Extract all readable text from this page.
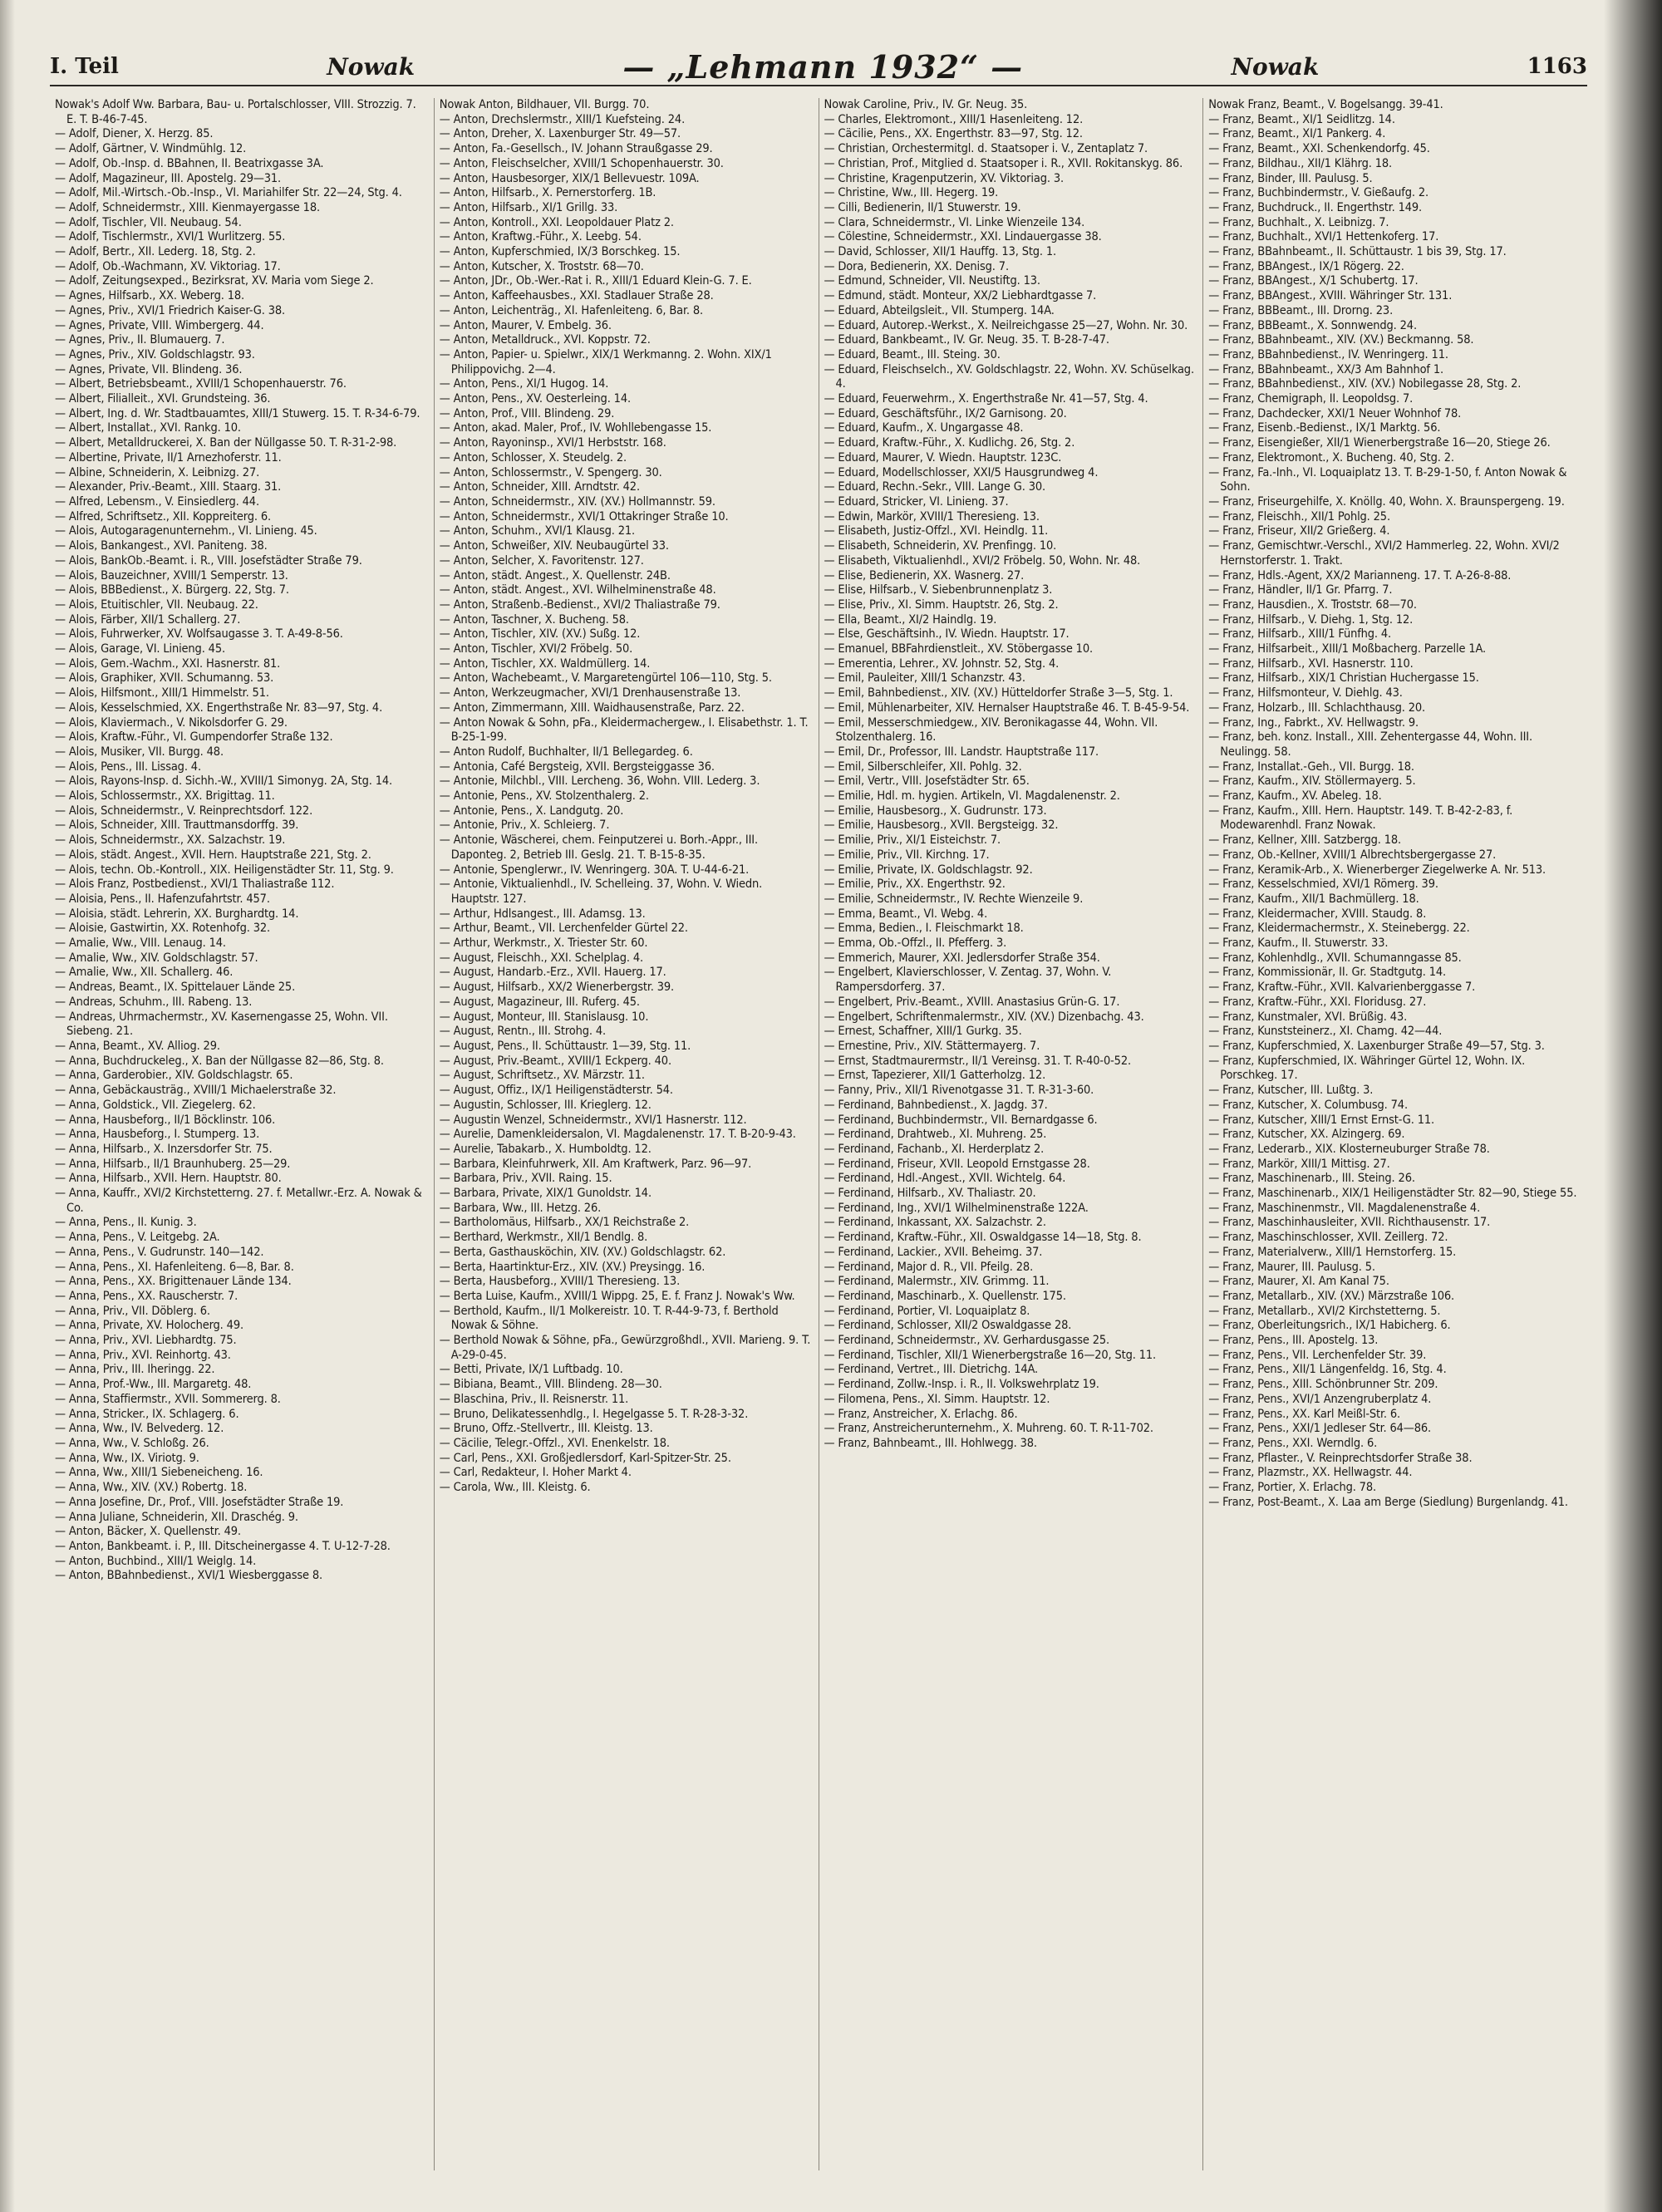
I. Teil	Nowak	— „Lehmann 1932“ —	Nowak	1163

Nowak's Adolf Ww. Barbara, Bau- u. Portalschlosser, VIII. Strozzig. 7. E. T. B-46-7-45.

— Adolf, Diener, X. Herzg. 85.

— Adolf, Gärtner, V. Windmühlg. 12.

— Adolf, Ob.-Insp. d. BBahnen, II. Beatrixgasse 3A.

— Adolf, Magazineur, III. Apostelg. 29—31.

— Adolf, Mil.-Wirtsch.-Ob.-Insp., VI. Mariahilfer Str. 22—24, Stg. 4.

— Adolf, Schneidermstr., XIII. Kienmayergasse 18.

— Adolf, Tischler, VII. Neubaug. 54.

— Adolf, Tischlermstr., XVI/1 Wurlitzerg. 55.

— Adolf, Bertr., XII. Lederg. 18, Stg. 2.

— Adolf, Ob.-Wachmann, XV. Viktoriag. 17.

— Adolf, Zeitungsexped., Bezirksrat, XV. Maria vom Siege 2.

— Agnes, Hilfsarb., XX. Weberg. 18.

— Agnes, Priv., XVI/1 Friedrich Kaiser-G. 38.

— Agnes, Private, VIII. Wimbergerg. 44.

— Agnes, Priv., II. Blumauerg. 7.

— Agnes, Priv., XIV. Goldschlagstr. 93.

— Agnes, Private, VII. Blindeng. 36.

— Albert, Betriebsbeamt., XVIII/1 Schopenhauerstr. 76.

— Albert, Filialleit., XVI. Grundsteing. 36.

— Albert, Ing. d. Wr. Stadtbauamtes, XIII/1 Stuwerg. 15. T. R-34-6-79.

— Albert, Installat., XVI. Rankg. 10.

— Albert, Metalldruckerei, X. Ban der Nüllgasse 50. T. R-31-2-98.

— Albertine, Private, II/1 Arnezhoferstr. 11.

— Albine, Schneiderin, X. Leibnizg. 27.

— Alexander, Priv.-Beamt., XIII. Staarg. 31.

— Alfred, Lebensm., V. Einsiedlerg. 44.

— Alfred, Schriftsetz., XII. Koppreiterg. 6.

— Alois, Autogaragenunternehm., VI. Linieng. 45.

— Alois, Bankangest., XVI. Paniteng. 38.

— Alois, BankOb.-Beamt. i. R., VIII. Josefstädter Straße 79.

— Alois, Bauzeichner, XVIII/1 Semperstr. 13.

— Alois, BBBedienst., X. Bürgerg. 22, Stg. 7.

— Alois, Etuitischler, VII. Neubaug. 22.

— Alois, Färber, XII/1 Schallerg. 27.

— Alois, Fuhrwerker, XV. Wolfsaugasse 3. T. A-49-8-56.

— Alois, Garage, VI. Linieng. 45.

— Alois, Gem.-Wachm., XXI. Hasnerstr. 81.

— Alois, Graphiker, XVII. Schumanng. 53.

— Alois, Hilfsmont., XIII/1 Himmelstr. 51.

— Alois, Kesselschmied, XX. Engerthstraße Nr. 83—97, Stg. 4.

— Alois, Klaviermach., V. Nikolsdorfer G. 29.

— Alois, Kraftw.-Führ., VI. Gumpendorfer Straße 132.

— Alois, Musiker, VII. Burgg. 48.

— Alois, Pens., III. Lissag. 4.

— Alois, Rayons-Insp. d. Sichh.-W., XVIII/1 Simonyg. 2A, Stg. 14.

— Alois, Schlossermstr., XX. Brigittag. 11.

— Alois, Schneidermstr., V. Reinprechtsdorf. 122.

— Alois, Schneider, XIII. Trauttmansdorffg. 39.

— Alois, Schneidermstr., XX. Salzachstr. 19.

— Alois, städt. Angest., XVII. Hern. Hauptstraße 221, Stg. 2.

— Alois, techn. Ob.-Kontroll., XIX. Heiligenstädter Str. 11, Stg. 9.

— Alois Franz, Postbedienst., XVI/1 Thaliastraße 112.

— Aloisia, Pens., II. Hafenzufahrtstr. 457.

— Aloisia, städt. Lehrerin, XX. Burghardtg. 14.

— Aloisie, Gastwirtin, XX. Rotenhofg. 32.

— Amalie, Ww., VIII. Lenaug. 14.

— Amalie, Ww., XIV. Goldschlagstr. 57.

— Amalie, Ww., XII. Schallerg. 46.

— Andreas, Beamt., IX. Spittelauer Lände 25.

— Andreas, Schuhm., III. Rabeng. 13.

— Andreas, Uhrmachermstr., XV. Kasernengasse 25, Wohn. VII. Siebeng. 21.

— Anna, Beamt., XV. Alliog. 29.

— Anna, Buchdruckeleg., X. Ban der Nüllgasse 82—86, Stg. 8.

— Anna, Garderobier., XIV. Goldschlagstr. 65.

— Anna, Gebäckausträg., XVIII/1 Michaelerstraße 32.

— Anna, Goldstick., VII. Ziegelerg. 62.

— Anna, Hausbeforg., II/1 Böcklinstr. 106.

— Anna, Hausbeforg., I. Stumperg. 13.

— Anna, Hilfsarb., X. Inzersdorfer Str. 75.

— Anna, Hilfsarb., II/1 Braunhuberg. 25—29.

— Anna, Hilfsarb., XVII. Hern. Hauptstr. 80.

— Anna, Kauffr., XVI/2 Kirchstetterng. 27. f. Metallwr.-Erz. A. Nowak & Co.

— Anna, Pens., II. Kunig. 3.

— Anna, Pens., V. Leitgebg. 2A.

— Anna, Pens., V. Gudrunstr. 140—142.

— Anna, Pens., XI. Hafenleiteng. 6—8, Bar. 8.

— Anna, Pens., XX. Brigittenauer Lände 134.

— Anna, Pens., XX. Rauscherstr. 7.

— Anna, Priv., VII. Döblerg. 6.

— Anna, Private, XV. Holocherg. 49.

— Anna, Priv., XVI. Liebhardtg. 75.

— Anna, Priv., XVI. Reinhortg. 43.

— Anna, Priv., III. Iheringg. 22.

— Anna, Prof.-Ww., III. Margaretg. 48.

— Anna, Staffiermstr., XVII. Sommererg. 8.

— Anna, Stricker., IX. Schlagerg. 6.

— Anna, Ww., IV. Belvederg. 12.

— Anna, Ww., V. Schloßg. 26.

— Anna, Ww., IX. Viriotg. 9.

— Anna, Ww., XIII/1 Siebeneicheng. 16.

— Anna, Ww., XIV. (XV.) Robertg. 18.

— Anna Josefine, Dr., Prof., VIII. Josefstädter Straße 19.

— Anna Juliane, Schneiderin, XII. Draschég. 9.

— Anton, Bäcker, X. Quellenstr. 49.

— Anton, Bankbeamt. i. P., III. Ditscheinergasse 4. T. U-12-7-28.

— Anton, Buchbind., XIII/1 Weiglg. 14.

— Anton, BBahnbedienst., XVI/1 Wiesberggasse 8.

Nowak Anton, Bildhauer, VII. Burgg. 70.

— Anton, Drechslermstr., XIII/1 Kuefsteing. 24.

— Anton, Dreher, X. Laxenburger Str. 49—57.

— Anton, Fa.-Gesellsch., IV. Johann Straußgasse 29.

— Anton, Fleischselcher, XVIII/1 Schopenhauerstr. 30.

— Anton, Hausbesorger, XIX/1 Bellevuestr. 109A.

— Anton, Hilfsarb., X. Pernerstorferg. 1B.

— Anton, Hilfsarb., XI/1 Grillg. 33.

— Anton, Kontroll., XXI. Leopoldauer Platz 2.

— Anton, Kraftwg.-Führ., X. Leebg. 54.

— Anton, Kupferschmied, IX/3 Borschkeg. 15.

— Anton, Kutscher, X. Troststr. 68—70.

— Anton, JDr., Ob.-Wer.-Rat i. R., XIII/1 Eduard Klein-G. 7. E.

— Anton, Kaffeehausbes., XXI. Stadlauer Straße 28.

— Anton, Leichenträg., XI. Hafenleiteng. 6, Bar. 8.

— Anton, Maurer, V. Embelg. 36.

— Anton, Metalldruck., XVI. Koppstr. 72.

— Anton, Papier- u. Spielwr., XIX/1 Werkmanng. 2. Wohn. XIX/1 Philippovichg. 2—4.

— Anton, Pens., XI/1 Hugog. 14.

— Anton, Pens., XV. Oesterleing. 14.

— Anton, Prof., VIII. Blindeng. 29.

— Anton, akad. Maler, Prof., IV. Wohllebengasse 15.

— Anton, Rayoninsp., XVI/1 Herbststr. 168.

— Anton, Schlosser, X. Steudelg. 2.

— Anton, Schlossermstr., V. Spengerg. 30.

— Anton, Schneider, XIII. Arndtstr. 42.

— Anton, Schneidermstr., XIV. (XV.) Hollmannstr. 59.

— Anton, Schneidermstr., XVI/1 Ottakringer Straße 10.

— Anton, Schuhm., XVI/1 Klausg. 21.

— Anton, Schweißer, XIV. Neubaugürtel 33.

— Anton, Selcher, X. Favoritenstr. 127.

— Anton, städt. Angest., X. Quellenstr. 24B.

— Anton, städt. Angest., XVI. Wilhelminenstraße 48.

— Anton, Straßenb.-Bedienst., XVI/2 Thaliastraße 79.

— Anton, Taschner, X. Bucheng. 58.

— Anton, Tischler, XIV. (XV.) Sußg. 12.

— Anton, Tischler, XVI/2 Fröbelg. 50.

— Anton, Tischler, XX. Waldmüllerg. 14.

— Anton, Wachebeamt., V. Margaretengürtel 106—110, Stg. 5.

— Anton, Werkzeugmacher, XVI/1 Drenhausenstraße 13.

— Anton, Zimmermann, XIII. Waidhausenstraße, Parz. 22.

— Anton Nowak & Sohn, pFa., Kleidermachergew., I. Elisabethstr. 1. T. B-25-1-99.

— Anton Rudolf, Buchhalter, II/1 Bellegardeg. 6.

— Antonia, Café Bergsteig, XVII. Bergsteiggasse 36.

— Antonie, Milchbl., VIII. Lercheng. 36, Wohn. VIII. Lederg. 3.

— Antonie, Pens., XV. Stolzenthalerg. 2.

— Antonie, Pens., X. Landgutg. 20.

— Antonie, Priv., X. Schleierg. 7.

— Antonie, Wäscherei, chem. Feinputzerei u. Borh.-Appr., III. Daponteg. 2, Betrieb III. Geslg. 21. T. B-15-8-35.

— Antonie, Spenglerwr., IV. Wenringerg. 30A. T. U-44-6-21.

— Antonie, Viktualienhdl., IV. Schelleing. 37, Wohn. V. Wiedn. Hauptstr. 127.

— Arthur, Hdlsangest., III. Adamsg. 13.

— Arthur, Beamt., VII. Lerchenfelder Gürtel 22.

— Arthur, Werkmstr., X. Triester Str. 60.

— August, Fleischh., XXI. Schelplag. 4.

— August, Handarb.-Erz., XVII. Hauerg. 17.

— August, Hilfsarb., XX/2 Wienerbergstr. 39.

— August, Magazineur, III. Ruferg. 45.

— August, Monteur, III. Stanislausg. 10.

— August, Rentn., III. Strohg. 4.

— August, Pens., II. Schüttaustr. 1—39, Stg. 11.

— August, Priv.-Beamt., XVIII/1 Eckperg. 40.

— August, Schriftsetz., XV. Märzstr. 11.

— August, Offiz., IX/1 Heiligenstädterstr. 54.

— Augustin, Schlosser, III. Krieglerg. 12.

— Augustin Wenzel, Schneidermstr., XVI/1 Hasnerstr. 112.

— Aurelie, Damenkleidersalon, VI. Magdalenenstr. 17. T. B-20-9-43.

— Aurelie, Tabakarb., X. Humboldtg. 12.

— Barbara, Kleinfuhrwerk, XII. Am Kraftwerk, Parz. 96—97.

— Barbara, Priv., XVII. Raing. 15.

— Barbara, Private, XIX/1 Gunoldstr. 14.

— Barbara, Ww., III. Hetzg. 26.

— Bartholomäus, Hilfsarb., XX/1 Reichstraße 2.

— Berthard, Werkmstr., XII/1 Bendlg. 8.

— Berta, Gasthausköchin, XIV. (XV.) Goldschlagstr. 62.

— Berta, Haartinktur-Erz., XIV. (XV.) Preysingg. 16.

— Berta, Hausbeforg., XVIII/1 Theresieng. 13.

— Berta Luise, Kaufm., XVIII/1 Wippg. 25, E. f. Franz J. Nowak's Ww.

— Berthold, Kaufm., II/1 Molkereistr. 10. T. R-44-9-73, f. Berthold Nowak & Söhne.

— Berthold Nowak & Söhne, pFa., Gewürzgroßhdl., XVII. Marieng. 9. T. A-29-0-45.

— Betti, Private, IX/1 Luftbadg. 10.

— Bibiana, Beamt., VIII. Blindeng. 28—30.

— Blaschina, Priv., II. Reisnerstr. 11.

— Bruno, Delikatessenhdlg., I. Hegelgasse 5. T. R-28-3-32.

— Bruno, Offz.-Stellvertr., III. Kleistg. 13.

— Cäcilie, Telegr.-Offzl., XVI. Enenkelstr. 18.

— Carl, Pens., XXI. Großjedlersdorf, Karl-Spitzer-Str. 25.

— Carl, Redakteur, I. Hoher Markt 4.

— Carola, Ww., III. Kleistg. 6.

Nowak Caroline, Priv., IV. Gr. Neug. 35.

— Charles, Elektromont., XIII/1 Hasenleiteng. 12.

— Cäcilie, Pens., XX. Engerthstr. 83—97, Stg. 12.

— Christian, Orchestermitgl. d. Staatsoper i. V., Zentaplatz 7.

— Christian, Prof., Mitglied d. Staatsoper i. R., XVII. Rokitanskyg. 86.

— Christine, Kragenputzerin, XV. Viktoriag. 3.

— Christine, Ww., III. Hegerg. 19.

— Cilli, Bedienerin, II/1 Stuwerstr. 19.

— Clara, Schneidermstr., VI. Linke Wienzeile 134.

— Cölestine, Schneidermstr., XXI. Lindauergasse 38.

— David, Schlosser, XII/1 Hauffg. 13, Stg. 1.

— Dora, Bedienerin, XX. Denisg. 7.

— Edmund, Schneider, VII. Neustiftg. 13.

— Edmund, städt. Monteur, XX/2 Liebhardtgasse 7.

— Eduard, Abteilgsleit., VII. Stumperg. 14A.

— Eduard, Autorep.-Werkst., X. Neilreichgasse 25—27, Wohn. Nr. 30.

— Eduard, Bankbeamt., IV. Gr. Neug. 35. T. B-28-7-47.

— Eduard, Beamt., III. Steing. 30.

— Eduard, Fleischselch., XV. Goldschlagstr. 22, Wohn. XV. Schüselkag. 4.

— Eduard, Feuerwehrm., X. Engerthstraße Nr. 41—57, Stg. 4.

— Eduard, Geschäftsführ., IX/2 Garnisong. 20.

— Eduard, Kaufm., X. Ungargasse 48.

— Eduard, Kraftw.-Führ., X. Kudlichg. 26, Stg. 2.

— Eduard, Maurer, V. Wiedn. Hauptstr. 123C.

— Eduard, Modellschlosser, XXI/5 Hausgrundweg 4.

— Eduard, Rechn.-Sekr., VIII. Lange G. 30.

— Eduard, Stricker, VI. Linieng. 37.

— Edwin, Markör, XVIII/1 Theresieng. 13.

— Elisabeth, Justiz-Offzl., XVI. Heindlg. 11.

— Elisabeth, Schneiderin, XV. Prenfingg. 10.

— Elisabeth, Viktualienhdl., XVI/2 Fröbelg. 50, Wohn. Nr. 48.

— Elise, Bedienerin, XX. Wasnerg. 27.

— Elise, Hilfsarb., V. Siebenbrunnenplatz 3.

— Elise, Priv., XI. Simm. Hauptstr. 26, Stg. 2.

— Ella, Beamt., XI/2 Haindlg. 19.

— Else, Geschäftsinh., IV. Wiedn. Hauptstr. 17.

— Emanuel, BBFahrdienstleit., XV. Stöbergasse 10.

— Emerentia, Lehrer., XV. Johnstr. 52, Stg. 4.

— Emil, Pauleiter, XIII/1 Schanzstr. 43.

— Emil, Bahnbedienst., XIV. (XV.) Hütteldorfer Straße 3—5, Stg. 1.

— Emil, Mühlenarbeiter, XIV. Hernalser Hauptstraße 46. T. B-45-9-54.

— Emil, Messerschmiedgew., XIV. Beronikagasse 44, Wohn. VII. Stolzenthalerg. 16.

— Emil, Dr., Professor, III. Landstr. Hauptstraße 117.

— Emil, Silberschleifer, XII. Pohlg. 32.

— Emil, Vertr., VIII. Josefstädter Str. 65.

— Emilie, Hdl. m. hygien. Artikeln, VI. Magdalenenstr. 2.

— Emilie, Hausbesorg., X. Gudrunstr. 173.

— Emilie, Hausbesorg., XVII. Bergsteigg. 32.

— Emilie, Priv., XI/1 Eisteichstr. 7.

— Emilie, Priv., VII. Kirchng. 17.

— Emilie, Private, IX. Goldschlagstr. 92.

— Emilie, Priv., XX. Engerthstr. 92.

— Emilie, Schneidermstr., IV. Rechte Wienzeile 9.

— Emma, Beamt., VI. Webg. 4.

— Emma, Bedien., I. Fleischmarkt 18.

— Emma, Ob.-Offzl., II. Pfefferg. 3.

— Emmerich, Maurer, XXI. Jedlersdorfer Straße 354.

— Engelbert, Klavierschlosser, V. Zentag. 37, Wohn. V. Rampersdorferg. 37.

— Engelbert, Priv.-Beamt., XVIII. Anastasius Grün-G. 17.

— Engelbert, Schriftenmalermstr., XIV. (XV.) Dizenbachg. 43.

— Ernest, Schaffner, XIII/1 Gurkg. 35.

— Ernestine, Priv., XIV. Stättermayerg. 7.

— Ernst, Stadtmaurermstr., II/1 Vereinsg. 31. T. R-40-0-52.

— Ernst, Tapezierer, XII/1 Gatterholzg. 12.

— Fanny, Priv., XII/1 Rivenotgasse 31. T. R-31-3-60.

— Ferdinand, Bahnbedienst., X. Jagdg. 37.

— Ferdinand, Buchbindermstr., VII. Bernardgasse 6.

— Ferdinand, Drahtweb., XI. Muhreng. 25.

— Ferdinand, Fachanb., XI. Herderplatz 2.

— Ferdinand, Friseur, XVII. Leopold Ernstgasse 28.

— Ferdinand, Hdl.-Angest., XVII. Wichtelg. 64.

— Ferdinand, Hilfsarb., XV. Thaliastr. 20.

— Ferdinand, Ing., XVI/1 Wilhelminenstraße 122A.

— Ferdinand, Inkassant, XX. Salzachstr. 2.

— Ferdinand, Kraftw.-Führ., XII. Oswaldgasse 14—18, Stg. 8.

— Ferdinand, Lackier., XVII. Beheimg. 37.

— Ferdinand, Major d. R., VII. Pfeilg. 28.

— Ferdinand, Malermstr., XIV. Grimmg. 11.

— Ferdinand, Maschinarb., X. Quellenstr. 175.

— Ferdinand, Portier, VI. Loquaiplatz 8.

— Ferdinand, Schlosser, XII/2 Oswaldgasse 28.

— Ferdinand, Schneidermstr., XV. Gerhardusgasse 25.

— Ferdinand, Tischler, XII/1 Wienerbergstraße 16—20, Stg. 11.

— Ferdinand, Vertret., III. Dietrichg. 14A.

— Ferdinand, Zollw.-Insp. i. R., II. Volkswehrplatz 19.

— Filomena, Pens., XI. Simm. Hauptstr. 12.

— Franz, Anstreicher, X. Erlachg. 86.

— Franz, Anstreicherunternehm., X. Muhreng. 60. T. R-11-702.

— Franz, Bahnbeamt., III. Hohlwegg. 38.

Nowak Franz, Beamt., V. Bogelsangg. 39-41.

— Franz, Beamt., XI/1 Seidlitzg. 14.

— Franz, Beamt., XI/1 Pankerg. 4.

— Franz, Beamt., XXI. Schenkendorfg. 45.

— Franz, Bildhau., XII/1 Klährg. 18.

— Franz, Binder, III. Paulusg. 5.

— Franz, Buchbindermstr., V. Gießaufg. 2.

— Franz, Buchdruck., II. Engerthstr. 149.

— Franz, Buchhalt., X. Leibnizg. 7.

— Franz, Buchhalt., XVI/1 Hettenkoferg. 17.

— Franz, BBahnbeamt., II. Schüttaustr. 1 bis 39, Stg. 17.

— Franz, BBAngest., IX/1 Rögerg. 22.

— Franz, BBAngest., X/1 Schubertg. 17.

— Franz, BBAngest., XVIII. Währinger Str. 131.

— Franz, BBBeamt., III. Drorng. 23.

— Franz, BBBeamt., X. Sonnwendg. 24.

— Franz, BBahnbeamt., XIV. (XV.) Beckmanng. 58.

— Franz, BBahnbedienst., IV. Wenringerg. 11.

— Franz, BBahnbeamt., XX/3 Am Bahnhof 1.

— Franz, BBahnbedienst., XIV. (XV.) Nobilegasse 28, Stg. 2.

— Franz, Chemigraph, II. Leopoldsg. 7.

— Franz, Dachdecker, XXI/1 Neuer Wohnhof 78.

— Franz, Eisenb.-Bedienst., IX/1 Marktg. 56.

— Franz, Eisengießer, XII/1 Wienerbergstraße 16—20, Stiege 26.

— Franz, Elektromont., X. Bucheng. 40, Stg. 2.

— Franz, Fa.-Inh., VI. Loquaiplatz 13. T. B-29-1-50, f. Anton Nowak & Sohn.

— Franz, Friseurgehilfe, X. Knöllg. 40, Wohn. X. Braunspergeng. 19.

— Franz, Fleischh., XII/1 Pohlg. 25.

— Franz, Friseur, XII/2 Grießerg. 4.

— Franz, Gemischtwr.-Verschl., XVI/2 Hammerleg. 22, Wohn. XVI/2 Hernstorferstr. 1. Trakt.

— Franz, Hdls.-Agent, XX/2 Marianneng. 17. T. A-26-8-88.

— Franz, Händler, II/1 Gr. Pfarrg. 7.

— Franz, Hausdien., X. Troststr. 68—70.

— Franz, Hilfsarb., V. Diehg. 1, Stg. 12.

— Franz, Hilfsarb., XIII/1 Fünfhg. 4.

— Franz, Hilfsarbeit., XIII/1 Moßbacherg. Parzelle 1A.

— Franz, Hilfsarb., XVI. Hasnerstr. 110.

— Franz, Hilfsarb., XIX/1 Christian Huchergasse 15.

— Franz, Hilfsmonteur, V. Diehlg. 43.

— Franz, Holzarb., III. Schlachthausg. 20.

— Franz, Ing., Fabrkt., XV. Hellwagstr. 9.

— Franz, beh. konz. Install., XIII. Zehentergasse 44, Wohn. III. Neulingg. 58.

— Franz, Installat.-Geh., VII. Burgg. 18.

— Franz, Kaufm., XIV. Stöllermayerg. 5.

— Franz, Kaufm., XV. Abeleg. 18.

— Franz, Kaufm., XIII. Hern. Hauptstr. 149. T. B-42-2-83, f. Modewarenhdl. Franz Nowak.

— Franz, Kellner, XIII. Satzbergg. 18.

— Franz, Ob.-Kellner, XVIII/1 Albrechtsbergergasse 27.

— Franz, Keramik-Arb., X. Wienerberger Ziegelwerke A. Nr. 513.

— Franz, Kesselschmied, XVI/1 Römerg. 39.

— Franz, Kaufm., XII/1 Bachmüllerg. 18.

— Franz, Kleidermacher, XVIII. Staudg. 8.

— Franz, Kleidermachermstr., X. Steinebergg. 22.

— Franz, Kaufm., II. Stuwerstr. 33.

— Franz, Kohlenhdlg., XVII. Schumanngasse 85.

— Franz, Kommissionär, II. Gr. Stadtgutg. 14.

— Franz, Kraftw.-Führ., XVII. Kalvarienberggasse 7.

— Franz, Kraftw.-Führ., XXI. Floridusg. 27.

— Franz, Kunstmaler, XVI. Brüßig. 43.

— Franz, Kunststeinerz., XI. Chamg. 42—44.

— Franz, Kupferschmied, X. Laxenburger Straße 49—57, Stg. 3.

— Franz, Kupferschmied, IX. Währinger Gürtel 12, Wohn. IX. Porschkeg. 17.

— Franz, Kutscher, III. Lußtg. 3.

— Franz, Kutscher, X. Columbusg. 74.

— Franz, Kutscher, XIII/1 Ernst Ernst-G. 11.

— Franz, Kutscher, XX. Alzingerg. 69.

— Franz, Lederarb., XIX. Klosterneuburger Straße 78.

— Franz, Markör, XIII/1 Mittisg. 27.

— Franz, Maschinenarb., III. Steing. 26.

— Franz, Maschinenarb., XIX/1 Heiligenstädter Str. 82—90, Stiege 55.

— Franz, Maschinenmstr., VII. Magdalenenstraße 4.

— Franz, Maschinhausleiter, XVII. Richthausenstr. 17.

— Franz, Maschinschlosser, XVII. Zeillerg. 72.

— Franz, Materialverw., XIII/1 Hernstorferg. 15.

— Franz, Maurer, III. Paulusg. 5.

— Franz, Maurer, XI. Am Kanal 75.

— Franz, Metallarb., XIV. (XV.) Märzstraße 106.

— Franz, Metallarb., XVI/2 Kirchstetterng. 5.

— Franz, Oberleitungsrich., IX/1 Habicherg. 6.

— Franz, Pens., III. Apostelg. 13.

— Franz, Pens., VII. Lerchenfelder Str. 39.

— Franz, Pens., XII/1 Längenfeldg. 16, Stg. 4.

— Franz, Pens., XIII. Schönbrunner Str. 209.

— Franz, Pens., XVI/1 Anzengruberplatz 4.

— Franz, Pens., XX. Karl Meißl-Str. 6.

— Franz, Pens., XXI/1 Jedleser Str. 64—86.

— Franz, Pens., XXI. Werndlg. 6.

— Franz, Pflaster., V. Reinprechtsdorfer Straße 38.

— Franz, Plazmstr., XX. Hellwagstr. 44.

— Franz, Portier, X. Erlachg. 78.

— Franz, Post-Beamt., X. Laa am Berge (Siedlung) Burgenlandg. 41.
